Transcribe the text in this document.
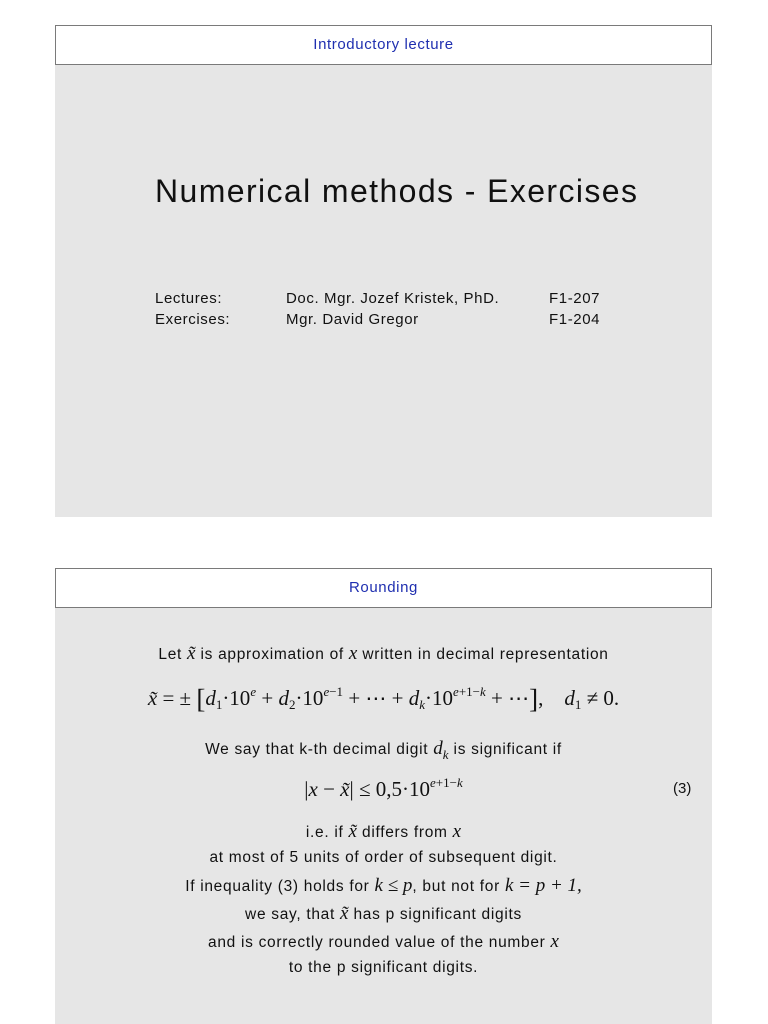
Introductory lecture
Numerical methods - Exercises
Lectures:	Doc. Mgr. Jozef Kristek, PhD.	F1-207
Exercises:	Mgr. David Gregor	F1-204
Rounding
Let x̃ is approximation of x written in decimal representation
x̃ = ± [$d_1\cdot 10^e + d_2\cdot 10^{e-1}$ + ⋯ + $d_k\cdot 10^{e+1-k}$ + ⋯],    $d_1 \ne 0$.
We say that k-th decimal digit $d_k$ is significant if
|x − x̃| ≤ $0,5\cdot 10^{e+1-k}$	(3)
i.e. if x̃ differs from x
at most of 5 units of order of subsequent digit.
If inequality (3) holds for k ≤ p, but not for k = p + 1,
we say, that x̃ has p significant digits
and is correctly rounded value of the number x
to the p significant digits.
